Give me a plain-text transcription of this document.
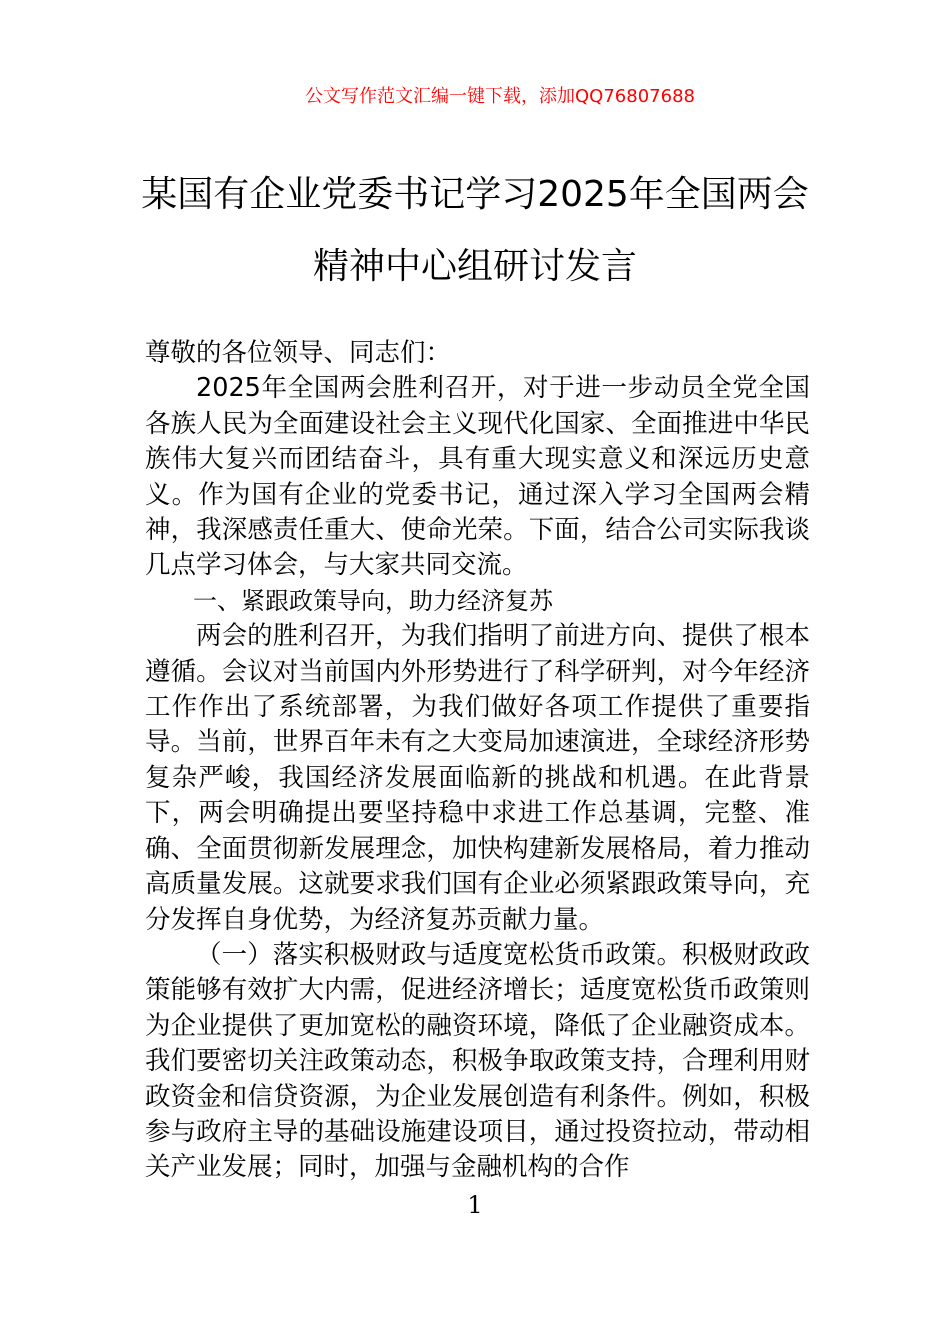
公文写作范文汇编一键下载，添加QQ76807688
某国有企业党委书记学习2025年全国两会
精神中心组研讨发言

尊敬的各位领导、同志们：

2025年全国两会胜利召开，对于进一步动员全党全国各族人民为全面建设社会主义现代化国家、全面推进中华民族伟大复兴而团结奋斗，具有重大现实意义和深远历史意义。作为国有企业的党委书记，通过深入学习全国两会精神，我深感责任重大、使命光荣。下面，结合公司实际我谈几点学习体会，与大家共同交流。

一、紧跟政策导向，助力经济复苏

两会的胜利召开，为我们指明了前进方向、提供了根本遵循。会议对当前国内外形势进行了科学研判，对今年经济工作作出了系统部署，为我们做好各项工作提供了重要指导。当前，世界百年未有之大变局加速演进，全球经济形势复杂严峻，我国经济发展面临新的挑战和机遇。在此背景下，两会明确提出要坚持稳中求进工作总基调，完整、准确、全面贯彻新发展理念，加快构建新发展格局，着力推动高质量发展。这就要求我们国有企业必须紧跟政策导向，充分发挥自身优势，为经济复苏贡献力量。

（一）落实积极财政与适度宽松货币政策。积极财政政策能够有效扩大内需，促进经济增长；适度宽松货币政策则为企业提供了更加宽松的融资环境，降低了企业融资成本。我们要密切关注政策动态，积极争取政策支持，合理利用财政资金和信贷资源，为企业发展创造有利条件。例如，积极参与政府主导的基础设施建设项目，通过投资拉动，带动相关产业发展；同时，加强与金融机构的合作

1
